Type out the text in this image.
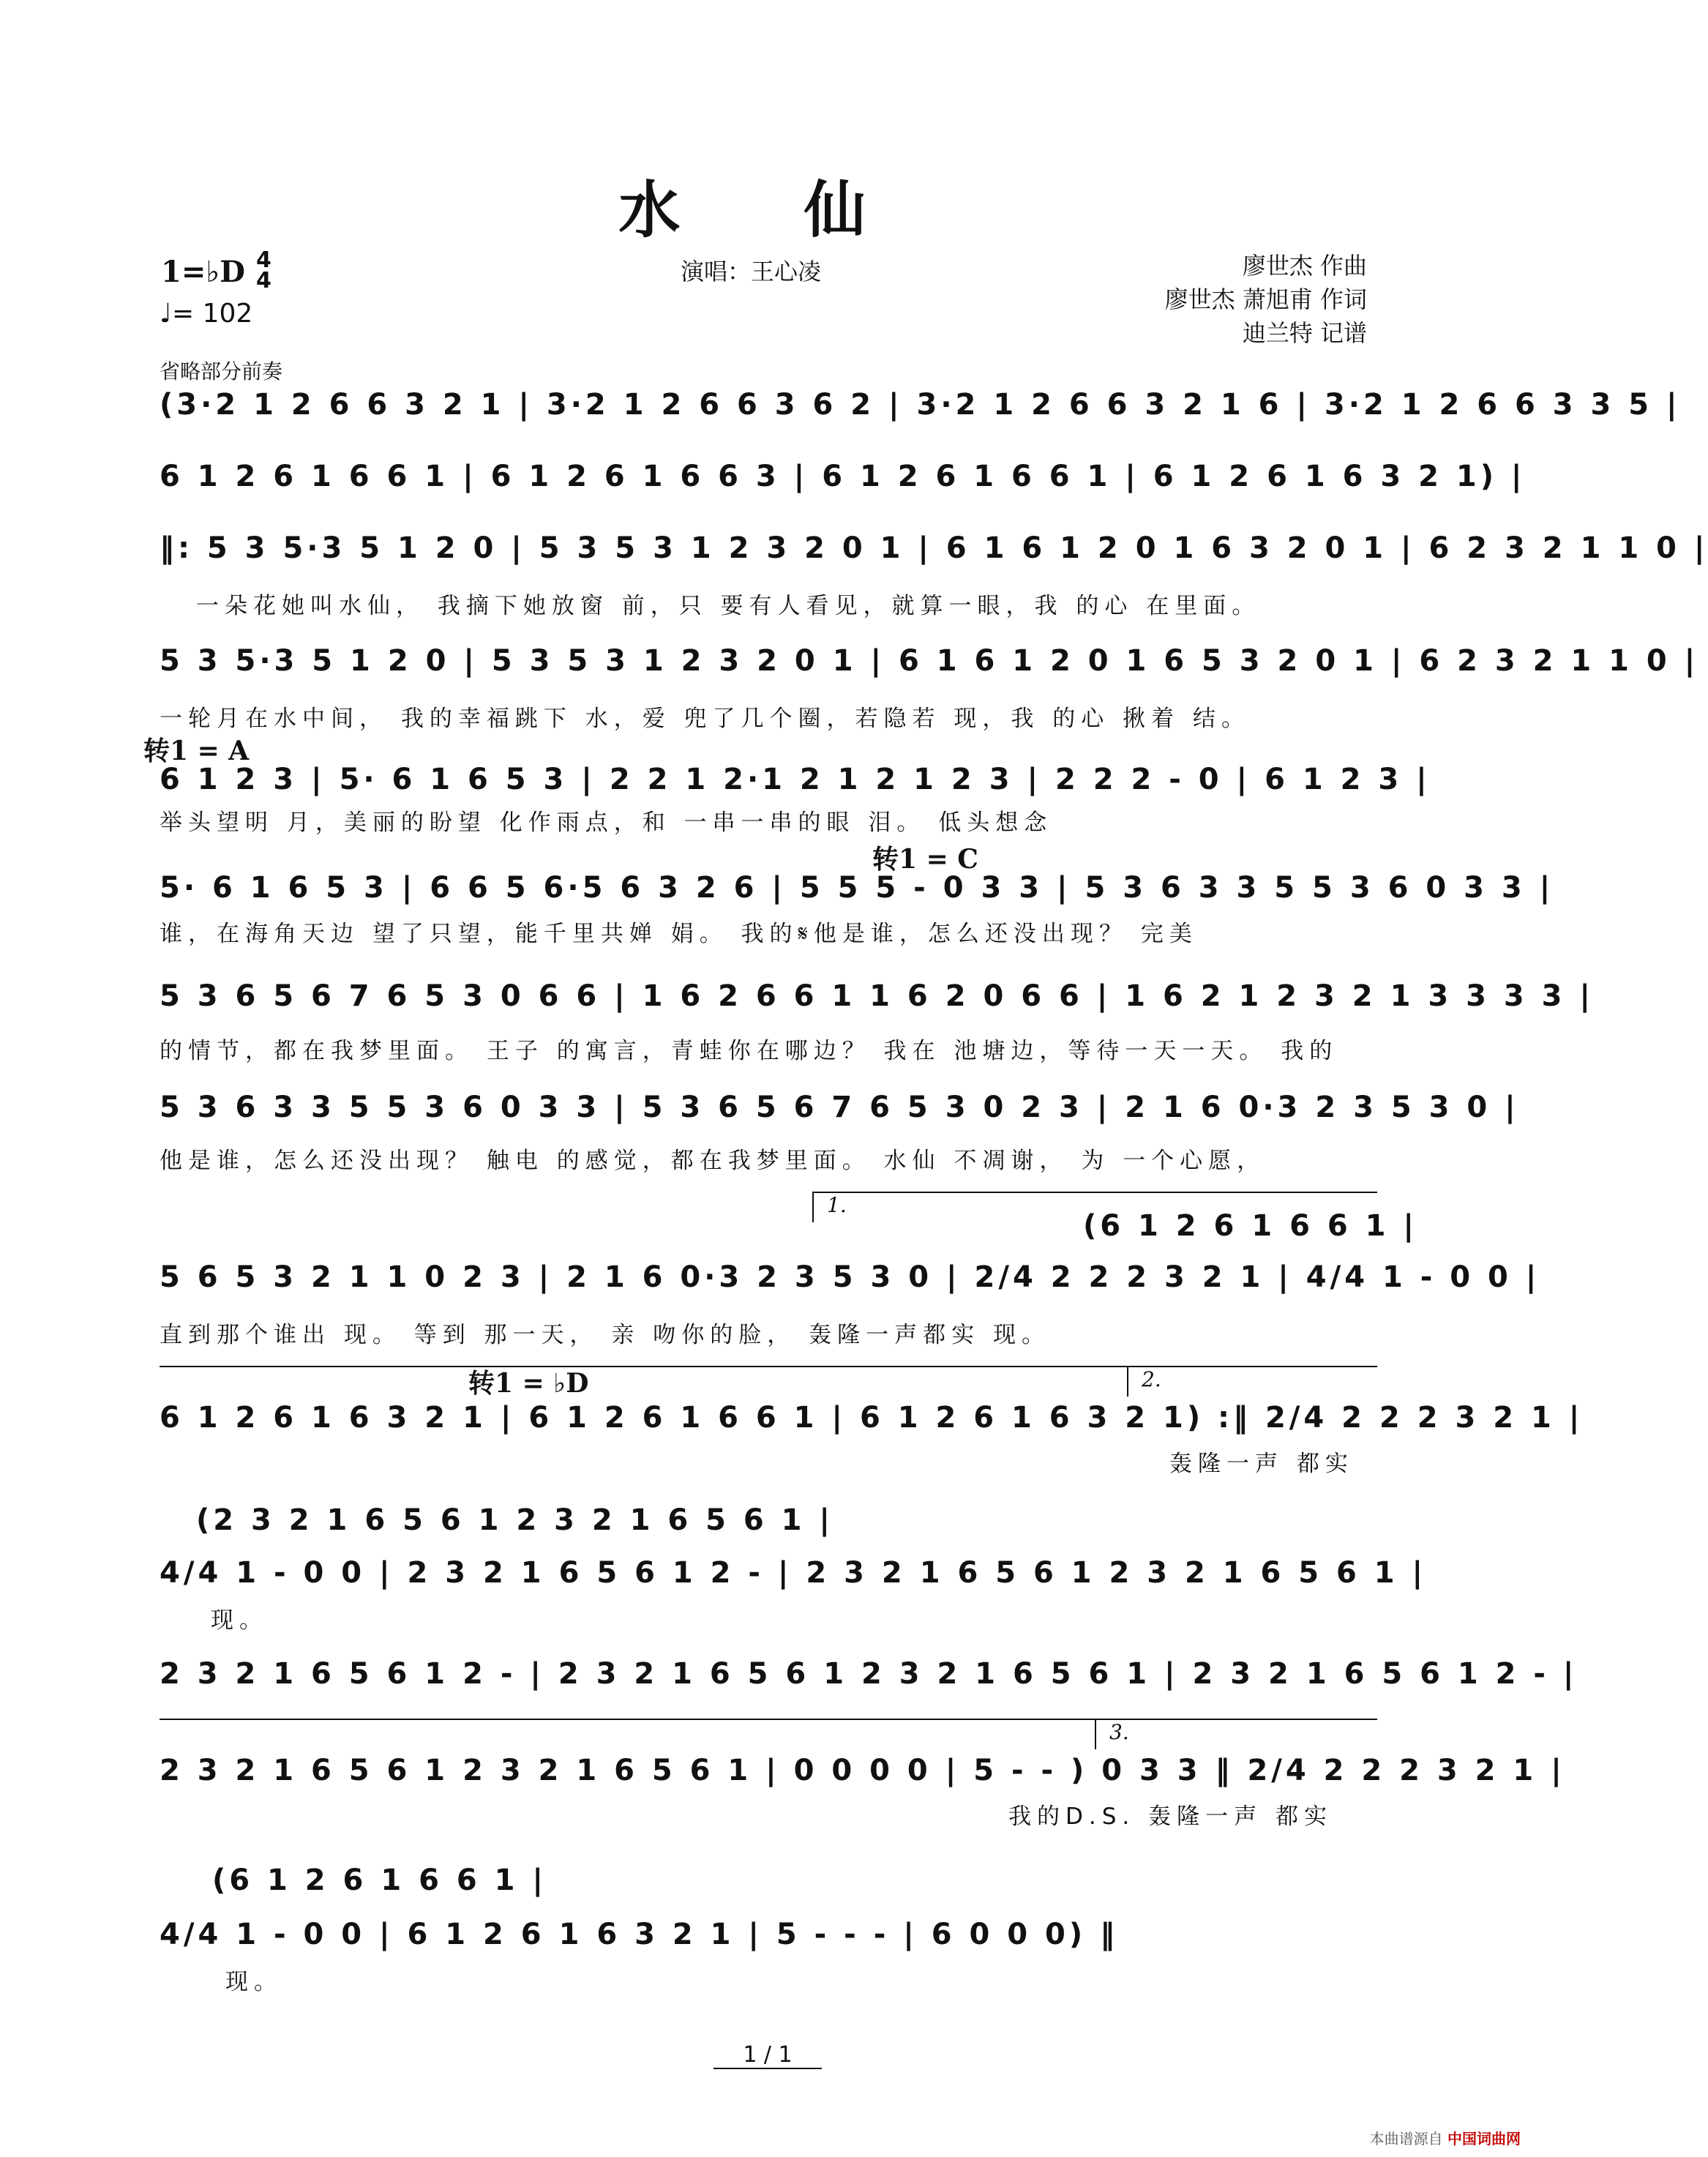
水 仙
1=♭D 4
4
♩= 102
演唱：王心凌	廖世杰 作曲
廖世杰 萧旭甫 作词
迪兰特 记谱
省略部分前奏
(3·2 1 2 6 6 3 2 1 | 3·2 1 2 6 6 3 6 2 | 3·2 1 2 6 6 3 2 1 6 | 3·2 1 2 6 6 3 3 5 |
6 1 2 6 1 6 6 1 | 6 1 2 6 1 6 6 3 | 6 1 2 6 1 6 6 1 | 6 1 2 6 1 6 3 2 1) |
‖: 5 3 5·3 5 1 2 0 | 5 3 5 3 1 2 3 2 0 1 | 6 1 6 1 2 0 1 6 3 2 0 1 | 6 2 3 2 1 1 0 |
一朵花她叫水仙， 我摘下她放窗 前，只 要有人看见，就算一眼，我 的心 在里面。
5 3 5·3 5 1 2 0 | 5 3 5 3 1 2 3 2 0 1 | 6 1 6 1 2 0 1 6 5 3 2 0 1 | 6 2 3 2 1 1 0 |
一轮月在水中间， 我的幸福跳下 水，爱 兜了几个圈，若隐若 现，我 的心 揪着 结。
转1 = A
6 1 2 3 | 5· 6 1 6 5 3 | 2 2 1 2·1 2 1 2 1 2 3 | 2 2 2 - 0 | 6 1 2 3 |
举头望明 月，美丽的盼望 化作雨点，和 一串一串的眼 泪。 低头想念
转1 = C
5· 6 1 6 5 3 | 6 6 5 6·5 6 3 2 6 | 5 5 5 - 0 3 3 | 5 3 6 3 3 5 5 3 6 0 3 3 |
谁，在海角天边 望了只望，能千里共婵 娟。 我的𝄋他是谁，怎么还没出现？ 完美
5 3 6 5 6 7 6 5 3 0 6 6 | 1 6 2 6 6 1 1 6 2 0 6 6 | 1 6 2 1 2 3 2 1 3 3 3 3 |
的情节，都在我梦里面。 王子 的寓言，青蛙你在哪边？ 我在 池塘边，等待一天一天。 我的
5 3 6 3 3 5 5 3 6 0 3 3 | 5 3 6 5 6 7 6 5 3 0 2 3 | 2 1 6 0·3 2 3 5 3 0 |
他是谁，怎么还没出现？ 触电 的感觉，都在我梦里面。 水仙 不凋谢， 为 一个心愿，
1.
(6 1 2 6 1 6 6 1 |
5 6 5 3 2 1 1 0 2 3 | 2 1 6 0·3 2 3 5 3 0 | 2/4 2 2 2 3 2 1 | 4/4 1 - 0 0 |
直到那个谁出 现。 等到 那一天， 亲 吻你的脸， 轰隆一声都实 现。
转1 = ♭D	2.
6 1 2 6 1 6 3 2 1 | 6 1 2 6 1 6 6 1 | 6 1 2 6 1 6 3 2 1) :‖ 2/4 2 2 2 3 2 1 |
轰隆一声 都实
(2 3 2 1 6 5 6 1 2 3 2 1 6 5 6 1 |
4/4 1 - 0 0 | 2 3 2 1 6 5 6 1 2 - | 2 3 2 1 6 5 6 1 2 3 2 1 6 5 6 1 |
现。
2 3 2 1 6 5 6 1 2 - | 2 3 2 1 6 5 6 1 2 3 2 1 6 5 6 1 | 2 3 2 1 6 5 6 1 2 - |
3.
2 3 2 1 6 5 6 1 2 3 2 1 6 5 6 1 | 0 0 0 0 | 5 - - ) 0 3 3 ‖ 2/4 2 2 2 3 2 1 |
我的D.S. 轰隆一声 都实
(6 1 2 6 1 6 6 1 |
4/4 1 - 0 0 | 6 1 2 6 1 6 3 2 1 | 5 - - - | 6 0 0 0) ‖
现。
1 / 1
本曲谱源自 中国词曲网
